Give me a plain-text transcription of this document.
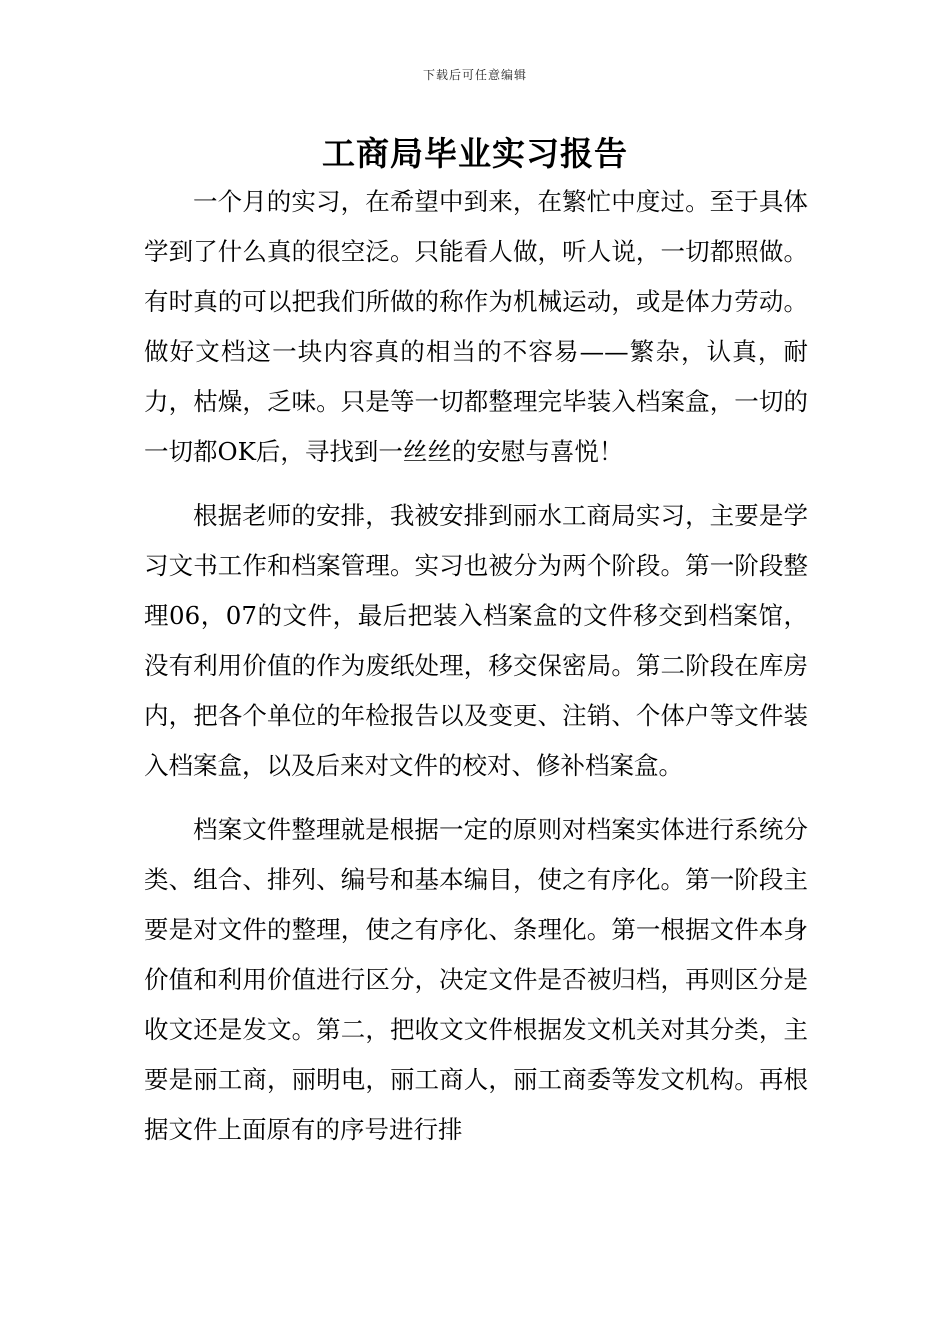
下载后可任意编辑
工商局毕业实习报告

一个月的实习，在希望中到来，在繁忙中度过。至于具体学到了什么真的很空泛。只能看人做，听人说，一切都照做。有时真的可以把我们所做的称作为机械运动，或是体力劳动。做好文档这一块内容真的相当的不容易——繁杂，认真，耐力，枯燥，乏味。只是等一切都整理完毕装入档案盒，一切的一切都OK后，寻找到一丝丝的安慰与喜悦！

根据老师的安排，我被安排到丽水工商局实习，主要是学习文书工作和档案管理。实习也被分为两个阶段。第一阶段整理06，07的文件，最后把装入档案盒的文件移交到档案馆，没有利用价值的作为废纸处理，移交保密局。第二阶段在库房内，把各个单位的年检报告以及变更、注销、个体户等文件装入档案盒，以及后来对文件的校对、修补档案盒。

档案文件整理就是根据一定的原则对档案实体进行系统分类、组合、排列、编号和基本编目，使之有序化。第一阶段主要是对文件的整理，使之有序化、条理化。第一根据文件本身价值和利用价值进行区分，决定文件是否被归档，再则区分是收文还是发文。第二，把收文文件根据发文机关对其分类，主要是丽工商，丽明电，丽工商人，丽工商委等发文机构。再根据文件上面原有的序号进行排
